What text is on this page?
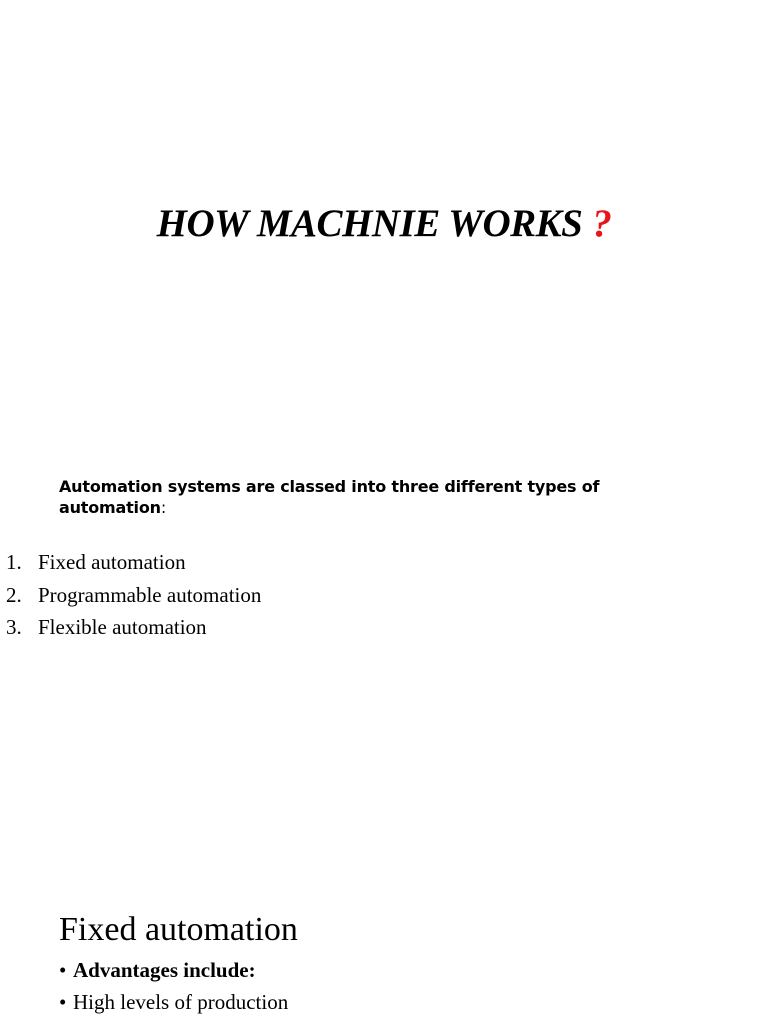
HOW MACHNIE WORKS ?
Automation systems are classed into three different types of automation:
1. Fixed automation
2. Programmable automation
3. Flexible automation
Fixed automation
• Advantages include:
• High levels of production
